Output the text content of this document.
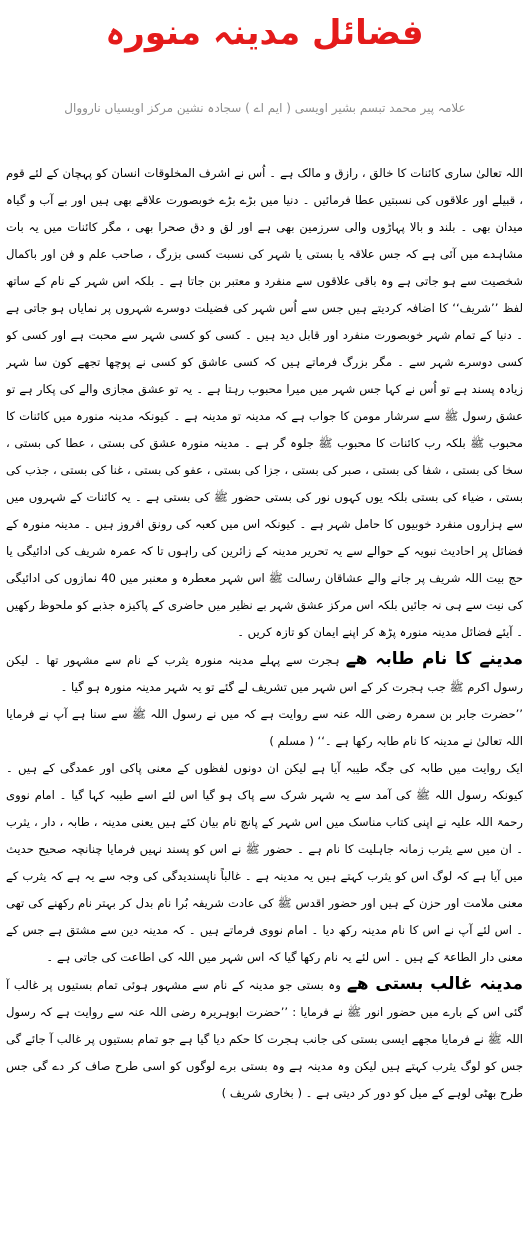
فضائل مدینہ منورہ
علامہ پیر محمد تبسم بشیر اویسی ( ایم اے ) سجادہ نشین مرکز اویسیاں نارووال

اللہ تعالیٰ ساری کائنات کا خالق ، رازق و مالک ہے ۔ اُس نے اشرف المخلوقات انسان کو پہچان کے لئے قوم ، قبیلے اور علاقوں کی نسبتیں عطا فرمائیں ۔ دنیا میں بڑے بڑے خوبصورت علاقے بھی ہیں اور بے آب و گیاہ میدان بھی ۔ بلند و بالا پہاڑوں والی سرزمین بھی ہے اور لق و دق صحرا بھی ، مگر کائنات میں یہ بات مشاہدے میں آئی ہے کہ جس علاقہ یا بستی یا شہر کی نسبت کسی بزرگ ، صاحب علم و فن اور باکمال شخصیت سے ہو جاتی ہے وہ باقی علاقوں سے منفرد و معتبر بن جاتا ہے ۔ بلکہ اس شہر کے نام کے ساتھ لفظ ’’شریف‘‘ کا اضافہ کردیتے ہیں جس سے اُس شہر کی فضیلت دوسرے شہروں پر نمایاں ہو جاتی ہے ۔ دنیا کے تمام شہر خوبصورت منفرد اور قابل دید ہیں ۔ کسی کو کسی شہر سے محبت ہے اور کسی کو کسی دوسرے شہر سے ۔ مگر بزرگ فرماتے ہیں کہ کسی عاشق کو کسی نے پوچھا تجھے کون سا شہر زیادہ پسند ہے تو اُس نے کہا جس شہر میں میرا محبوب رہتا ہے ۔ یہ تو عشق مجازی والے کی پکار ہے تو عشق رسول ﷺ سے سرشار مومن کا جواب ہے کہ مدینہ تو مدینہ ہے ۔ کیونکہ مدینہ منورہ میں کائنات کا محبوب ﷺ بلکہ رب کائنات کا محبوب ﷺ جلوہ گر ہے ۔ مدینہ منورہ عشق کی بستی ، عطا کی بستی ، سخا کی بستی ، شفا کی بستی ، صبر کی بستی ، جزا کی بستی ، عفو کی بستی ، غنا کی بستی ، جذب کی بستی ، ضیاء کی بستی بلکہ یوں کہوں نور کی بستی حضور ﷺ کی بستی ہے ۔ یہ کائنات کے شہروں میں سے ہزاروں منفرد خوبیوں کا حامل شہر ہے ۔ کیونکہ اس میں کعبہ کی رونق افروز ہیں ۔ مدینہ منورہ کے فضائل پر احادیث نبویہ کے حوالے سے یہ تحریر مدینہ کے زائرین کی راہوں تا کہ عمرہ شریف کی ادائیگی یا حج بیت اللہ شریف پر جانے والے عشاقان رسالت ﷺ اس شہر معطرہ و معنبر میں 40 نمازوں کی ادائیگی کی نیت سے ہی نہ جائیں بلکہ اس مرکز عشق شہر بے نظیر میں حاضری کے پاکیزہ جذبے کو ملحوظ رکھیں ۔ آیئے فضائل مدینہ منورہ پڑھ کر اپنے ایمان کو تازہ کریں ۔

مدینے کا نام طابہ ھےہجرت سے پہلے مدینہ منورہ یثرب کے نام سے مشہور تھا ۔ لیکن رسول اکرم ﷺ جب ہجرت کر کے اس شہر میں تشریف لے گئے تو یہ شہر مدینہ منورہ ہو گیا ۔

’’حضرت جابر بن سمرہ رضی اللہ عنہ سے روایت ہے کہ میں نے رسول اللہ ﷺ سے سنا ہے آپ نے فرمایا اللہ تعالیٰ نے مدینہ کا نام طابہ رکھا ہے ۔‘‘ ( مسلم )

ایک روایت میں طابہ کی جگہ طیبہ آیا ہے لیکن ان دونوں لفظوں کے معنی پاکی اور عمدگی کے ہیں ۔ کیونکہ رسول اللہ ﷺ کی آمد سے یہ شہر شرک سے پاک ہو گیا اس لئے اسے طیبہ کہا گیا ۔ امام نووی رحمۃ اللہ علیہ نے اپنی کتاب مناسک میں اس شہر کے پانچ نام بیان کئے ہیں یعنی مدینہ ، طابہ ، دار ، یثرب ۔ ان میں سے یثرب زمانہ جاہلیت کا نام ہے ۔ حضور ﷺ نے اس کو پسند نہیں فرمایا چنانچہ صحیح حدیث میں آیا ہے کہ لوگ اس کو یثرب کہتے ہیں یہ مدینہ ہے ۔ غالباً ناپسندیدگی کی وجہ سے یہ ہے کہ یثرب کے معنی ملامت اور حزن کے ہیں اور حضور اقدس ﷺ کی عادت شریفہ بُرا نام بدل کر بہتر نام رکھنے کی تھی ۔ اس لئے آپ نے اس کا نام مدینہ رکھ دیا ۔ امام نووی فرماتے ہیں ۔ کہ مدینہ دین سے مشتق ہے جس کے معنی دار الطاعۃ کے ہیں ۔ اس لئے یہ نام رکھا گیا کہ اس شہر میں اللہ کی اطاعت کی جاتی ہے ۔

مدینہ غالب بستی ھےوہ بستی جو مدینہ کے نام سے مشہور ہوئی تمام بستیوں پر غالب آ گئی اس کے بارے میں حضور انور ﷺ نے فرمایا : ’’حضرت ابوہریرہ رضی اللہ عنہ سے روایت ہے کہ رسول اللہ ﷺ نے فرمایا مجھے ایسی بستی کی جانب ہجرت کا حکم دیا گیا ہے جو تمام بستیوں پر غالب آ جائے گی جس کو لوگ یثرب کہتے ہیں لیکن وہ مدینہ ہے وہ بستی برے لوگوں کو اسی طرح صاف کر دے گی جس طرح بھٹی لوہے کے میل کو دور کر دیتی ہے ۔ ( بخاری شریف )
